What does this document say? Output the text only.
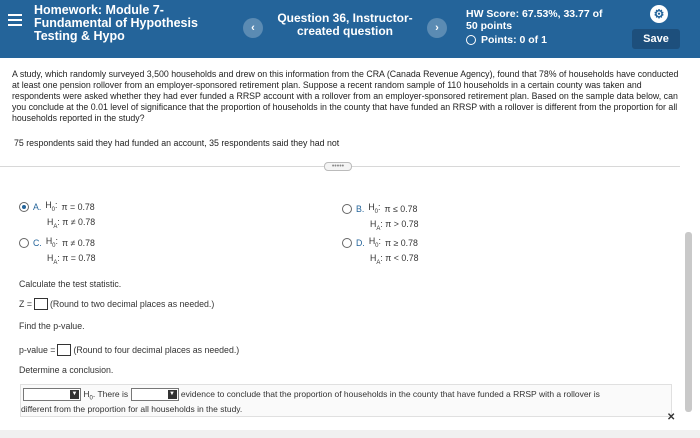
Homework: Module 7-
Fundamental of Hypothesis
Testing & Hypo
‹
Question 36, Instructor-
created question	›
HW Score: 67.53%, 33.77 of
50 points
Points: 0 of 1
⚙
Save
A study, which randomly surveyed 3,500 households and drew on this information from the CRA (Canada Revenue Agency), found that 78% of households have conducted at least one pension rollover from an employer-sponsored retirement plan. Suppose a recent random sample of 110 households in a certain county was taken and respondents were asked whether they had ever funded a RRSP account with a rollover from an employer-sponsored retirement plan. Based on the sample data below, can you conclude at the 0.01 level of significance that the proportion of households in the county that have funded an RRSP with a rollover is different from the proportion for all households reported in the study?
75 respondents said they had funded an account, 35 respondents said they had not
•••••
A. $H_0$: π = 0.78
$H_A$: π ≠ 0.78
C. $H_0$: π ≠ 0.78
$H_A$: π = 0.78
B. $H_0$: π ≤ 0.78
$H_A$: π > 0.78
D. $H_0$: π ≥ 0.78
$H_A$: π < 0.78
Calculate the test statistic.
Z = (Round to two decimal places as needed.)
Find the p-value.
p-value = (Round to four decimal places as needed.)
Determine a conclusion.
▼ $H_0$. There is	▼ evidence to conclude that the proportion of households in the county that have funded a RRSP with a rollover is
different from the proportion for all households in the study.
✕
